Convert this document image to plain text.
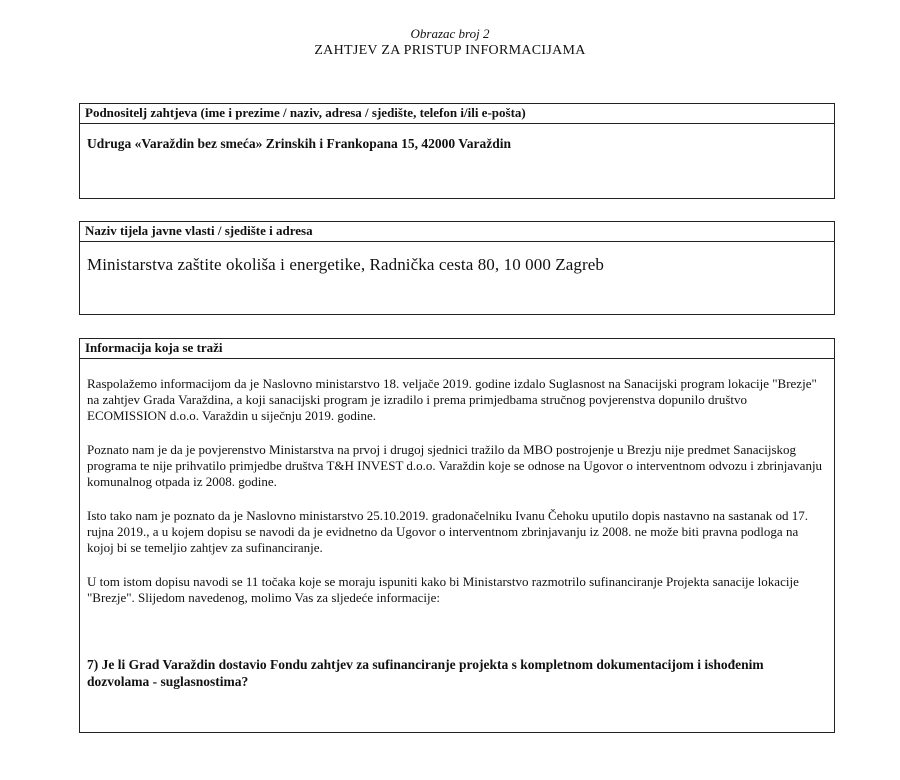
Obrazac broj 2
ZAHTJEV ZA PRISTUP INFORMACIJAMA
Podnositelj zahtjeva (ime i prezime / naziv, adresa / sjedište, telefon i/ili e-pošta)
Udruga «Varaždin bez smeća» Zrinskih i Frankopana 15, 42000 Varaždin
Naziv tijela javne vlasti / sjedište i adresa
Ministarstva zaštite okoliša i energetike, Radnička cesta 80, 10 000 Zagreb
Informacija koja se traži
Raspolažemo informacijom da je Naslovno ministarstvo 18. veljače 2019. godine izdalo Suglasnost na Sanacijski program lokacije "Brezje" na zahtjev Grada Varaždina, a koji sanacijski program je izradilo i prema primjedbama stručnog povjerenstva dopunilo društvo ECOMISSION d.o.o. Varaždin u siječnju 2019. godine.
Poznato nam je da je povjerenstvo Ministarstva na prvoj i drugoj sjednici tražilo da MBO postrojenje u Brezju nije predmet Sanacijskog programa te nije prihvatilo primjedbe društva T&H INVEST d.o.o. Varaždin koje se odnose na Ugovor o interventnom odvozu i zbrinjavanju komunalnog otpada iz 2008. godine.
Isto tako nam je poznato da je Naslovno ministarstvo 25.10.2019. gradonačelniku Ivanu Čehoku uputilo dopis nastavno na sastanak od 17. rujna 2019., a u kojem dopisu se navodi da je evidnetno da Ugovor o interventnom zbrinjavanju iz 2008. ne može biti pravna podloga na kojoj bi se temeljio zahtjev za sufinanciranje.
U tom istom dopisu navodi se 11 točaka koje se moraju ispuniti kako bi Ministarstvo razmotrilo sufinanciranje Projekta sanacije lokacije "Brezje". Slijedom navedenog, molimo Vas za sljedeće informacije:
7) Je li Grad Varaždin dostavio Fondu zahtjev za sufinanciranje projekta s kompletnom dokumentacijom i ishođenim dozvolama - suglasnostima?
